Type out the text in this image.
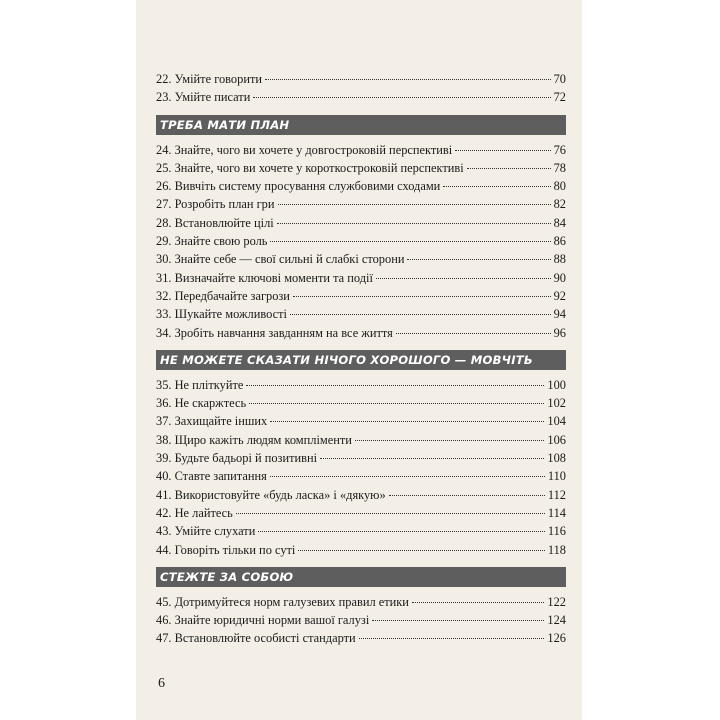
22. Умійте говорити	70
23. Умійте писати	72
ТРЕБА МАТИ ПЛАН
24. Знайте, чого ви хочете у довгостроковій перспективі	76
25. Знайте, чого ви хочете у короткостроковій перспективі	78
26. Вивчіть систему просування службовими сходами	80
27. Розробіть план гри	82
28. Встановлюйте цілі	84
29. Знайте свою роль	86
30. Знайте себе — свої сильні й слабкі сторони	88
31. Визначайте ключові моменти та події	90
32. Передбачайте загрози	92
33. Шукайте можливості	94
34. Зробіть навчання завданням на все життя	96
НЕ МОЖЕТЕ СКАЗАТИ НІЧОГО ХОРОШОГО — МОВЧІТЬ
35. Не пліткуйте	100
36. Не скаржтесь	102
37. Захищайте інших	104
38. Щиро кажіть людям компліменти	106
39. Будьте бадьорі й позитивні	108
40. Ставте запитання	110
41. Використовуйте «будь ласка» і «дякую»	112
42. Не лайтесь	114
43. Умійте слухати	116
44. Говоріть тільки по суті	118
СТЕЖТЕ ЗА СОБОЮ
45. Дотримуйтеся норм галузевих правил етики	122
46. Знайте юридичні норми вашої галузі	124
47. Встановлюйте особисті стандарти	126
6
